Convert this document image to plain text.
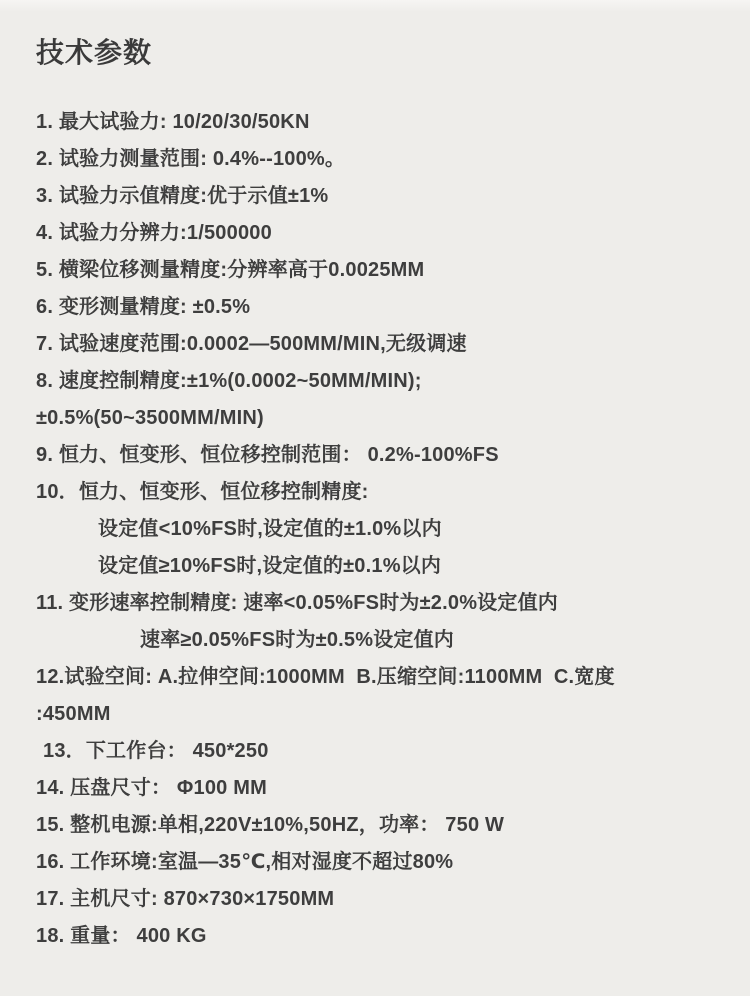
技术参数
1. 最大试验力: 10/20/30/50KN
2. 试验力测量范围: 0.4%--100%。
3. 试验力示值精度:优于示值±1%
4. 试验力分辨力:1/500000
5. 横梁位移测量精度:分辨率高于0.0025MM
6. 变形测量精度: ±0.5%
7. 试验速度范围:0.0002—500MM/MIN,无级调速
8. 速度控制精度:±1%(0.0002~50MM/MIN);
±0.5%(50~3500MM/MIN)
9. 恒力、恒变形、恒位移控制范围： 0.2%-100%FS
10．恒力、恒变形、恒位移控制精度:
设定值<10%FS时,设定值的±1.0%以内
设定值≥10%FS时,设定值的±0.1%以内
11. 变形速率控制精度: 速率<0.05%FS时为±2.0%设定值内
速率≥0.05%FS时为±0.5%设定值内
12.试验空间: A.拉伸空间:1000MM  B.压缩空间:1100MM  C.宽度
:450MM
13．下工作台： 450*250
14. 压盘尺寸： Φ100 MM
15. 整机电源:单相,220V±10%,50HZ，功率： 750 W
16. 工作环境:室温—35℃,相对湿度不超过80%
17. 主机尺寸: 870×730×1750MM
18. 重量： 400 KG
